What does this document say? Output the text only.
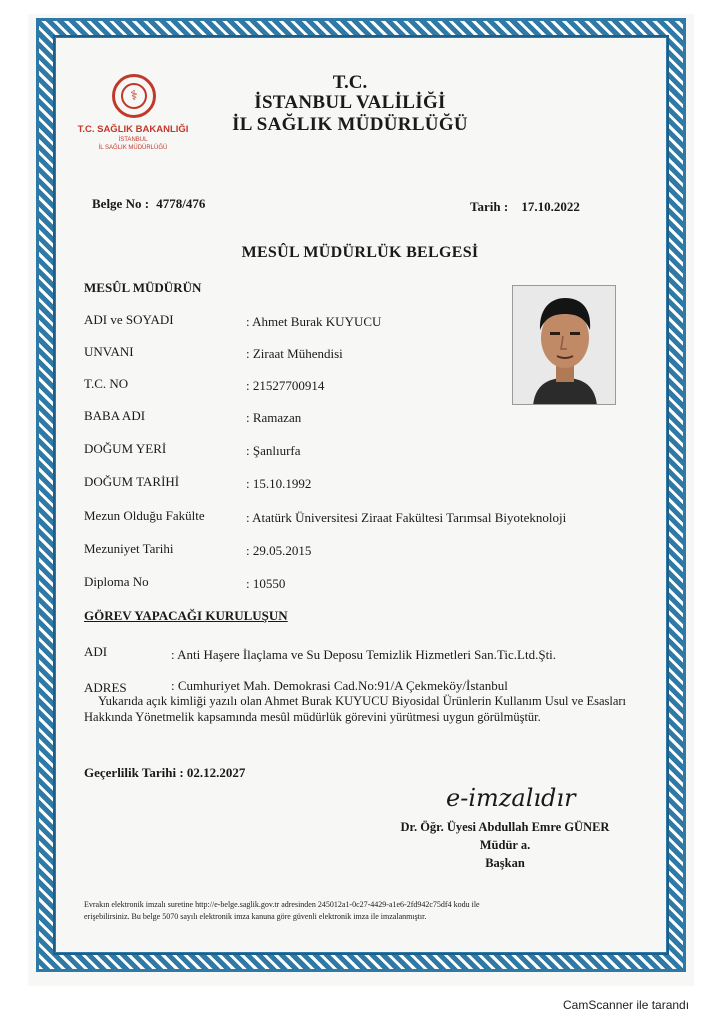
⚕
T.C. SAĞLIK BAKANLIĞI
İSTANBUL
İL SAĞLIK MÜDÜRLÜĞÜ
T.C.
İSTANBUL VALİLİĞİ
İL SAĞLIK MÜDÜRLÜĞÜ
Belge No : 4778/476	Tarih : 17.10.2022
MESÛL MÜDÜRLÜK BELGESİ
MESÛL MÜDÜRÜN
ADI ve SOYADI	: Ahmet Burak KUYUCU
UNVANI	: Ziraat Mühendisi
T.C. NO	: 21527700914
BABA ADI	: Ramazan
DOĞUM YERİ	: Şanlıurfa
DOĞUM TARİHİ	: 15.10.1992
Mezun Olduğu Fakülte	: Atatürk Üniversitesi Ziraat Fakültesi Tarımsal Biyoteknoloji
Mezuniyet Tarihi	: 29.05.2015
Diploma No	: 10550
GÖREV YAPACAĞI KURULUŞUN
ADI	: Anti Haşere İlaçlama ve Su Deposu Temizlik Hizmetleri San.Tic.Ltd.Şti.
ADRES	: Cumhuriyet Mah. Demokrasi Cad.No:91/A Çekmeköy/İstanbul
Yukarıda açık kimliği yazılı olan Ahmet Burak KUYUCU Biyosidal Ürünlerin Kullanım Usul ve Esasları Hakkında Yönetmelik kapsamında mesûl müdürlük görevini yürütmesi uygun görülmüştür.
Geçerlilik Tarihi : 02.12.2027
e-imzalıdır
Dr. Öğr. Üyesi Abdullah Emre GÜNER
Müdür a.
Başkan
Evrakın elektronik imzalı suretine http://e-belge.saglik.gov.tr adresinden 245012a1-0c27-4429-a1e6-2fd942c75df4 kodu ile
erişebilirsiniz. Bu belge 5070 sayılı elektronik imza kanuna göre güvenli elektronik imza ile imzalanmıştır.
CamScanner ile tarandı
